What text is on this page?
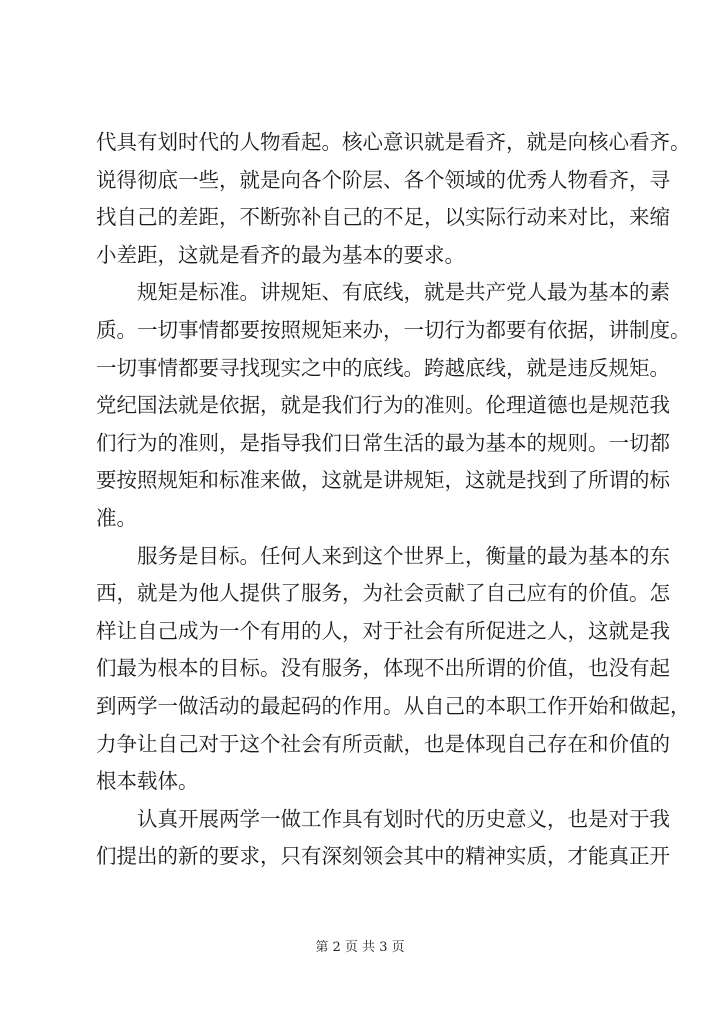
代具有划时代的人物看起。核心意识就是看齐，就是向核心看齐。
说得彻底一些，就是向各个阶层、各个领域的优秀人物看齐，寻
找自己的差距，不断弥补自己的不足，以实际行动来对比，来缩
小差距，这就是看齐的最为基本的要求。
　　规矩是标准。讲规矩、有底线，就是共产党人最为基本的素
质。一切事情都要按照规矩来办，一切行为都要有依据，讲制度。
一切事情都要寻找现实之中的底线。跨越底线，就是违反规矩。
党纪国法就是依据，就是我们行为的准则。伦理道德也是规范我
们行为的准则，是指导我们日常生活的最为基本的规则。一切都
要按照规矩和标准来做，这就是讲规矩，这就是找到了所谓的标
准。
　　服务是目标。任何人来到这个世界上，衡量的最为基本的东
西，就是为他人提供了服务，为社会贡献了自己应有的价值。怎
样让自己成为一个有用的人，对于社会有所促进之人，这就是我
们最为根本的目标。没有服务，体现不出所谓的价值，也没有起
到两学一做活动的最起码的作用。从自己的本职工作开始和做起，
力争让自己对于这个社会有所贡献，也是体现自己存在和价值的
根本载体。
　　认真开展两学一做工作具有划时代的历史意义，也是对于我
们提出的新的要求，只有深刻领会其中的精神实质，才能真正开
第 2 页 共 3 页
